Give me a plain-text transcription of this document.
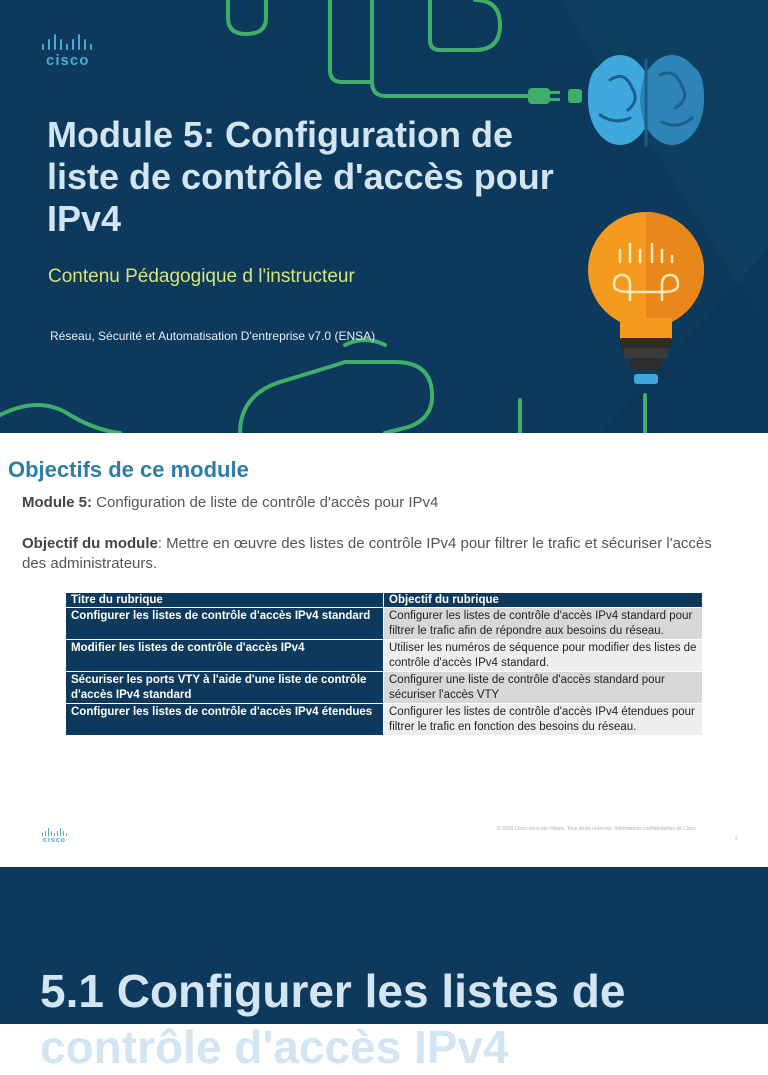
cisco
Module 5: Configuration de liste de contrôle d'accès pour IPv4
Contenu Pédagogique d l'instructeur
Réseau, Sécurité et Automatisation D'entreprise v7.0 (ENSA)
Objectifs de ce module

Module 5: Configuration de liste de contrôle d'accès pour IPv4

Objectif du module: Mettre en œuvre des listes de contrôle IPv4 pour filtrer le trafic et sécuriser l'accès des administrateurs.

Titre du rubrique	Objectif du rubrique
Configurer les listes de contrôle d'accès IPv4 standard	Configurer les listes de contrôle d'accès IPv4 standard pour filtrer le trafic afin de répondre aux besoins du réseau.
Modifier les listes de contrôle d'accès IPv4	Utiliser les numéros de séquence pour modifier des listes de contrôle d'accès IPv4 standard.
Sécuriser les ports VTY à l'aide d'une liste de contrôle d'accès IPv4 standard	Configurer une liste de contrôle d'accès standard pour sécuriser l'accès VTY
Configurer les listes de contrôle d'accès IPv4 étendues	Configurer les listes de contrôle d'accès IPv4 étendues pour filtrer le trafic en fonction des besoins du réseau.
cisco
© 2016 Cisco et/ou ses filiales. Tous droits réservés. Informations confidentielles de Cisco
2
5.1 Configurer les listes de contrôle d'accès IPv4
